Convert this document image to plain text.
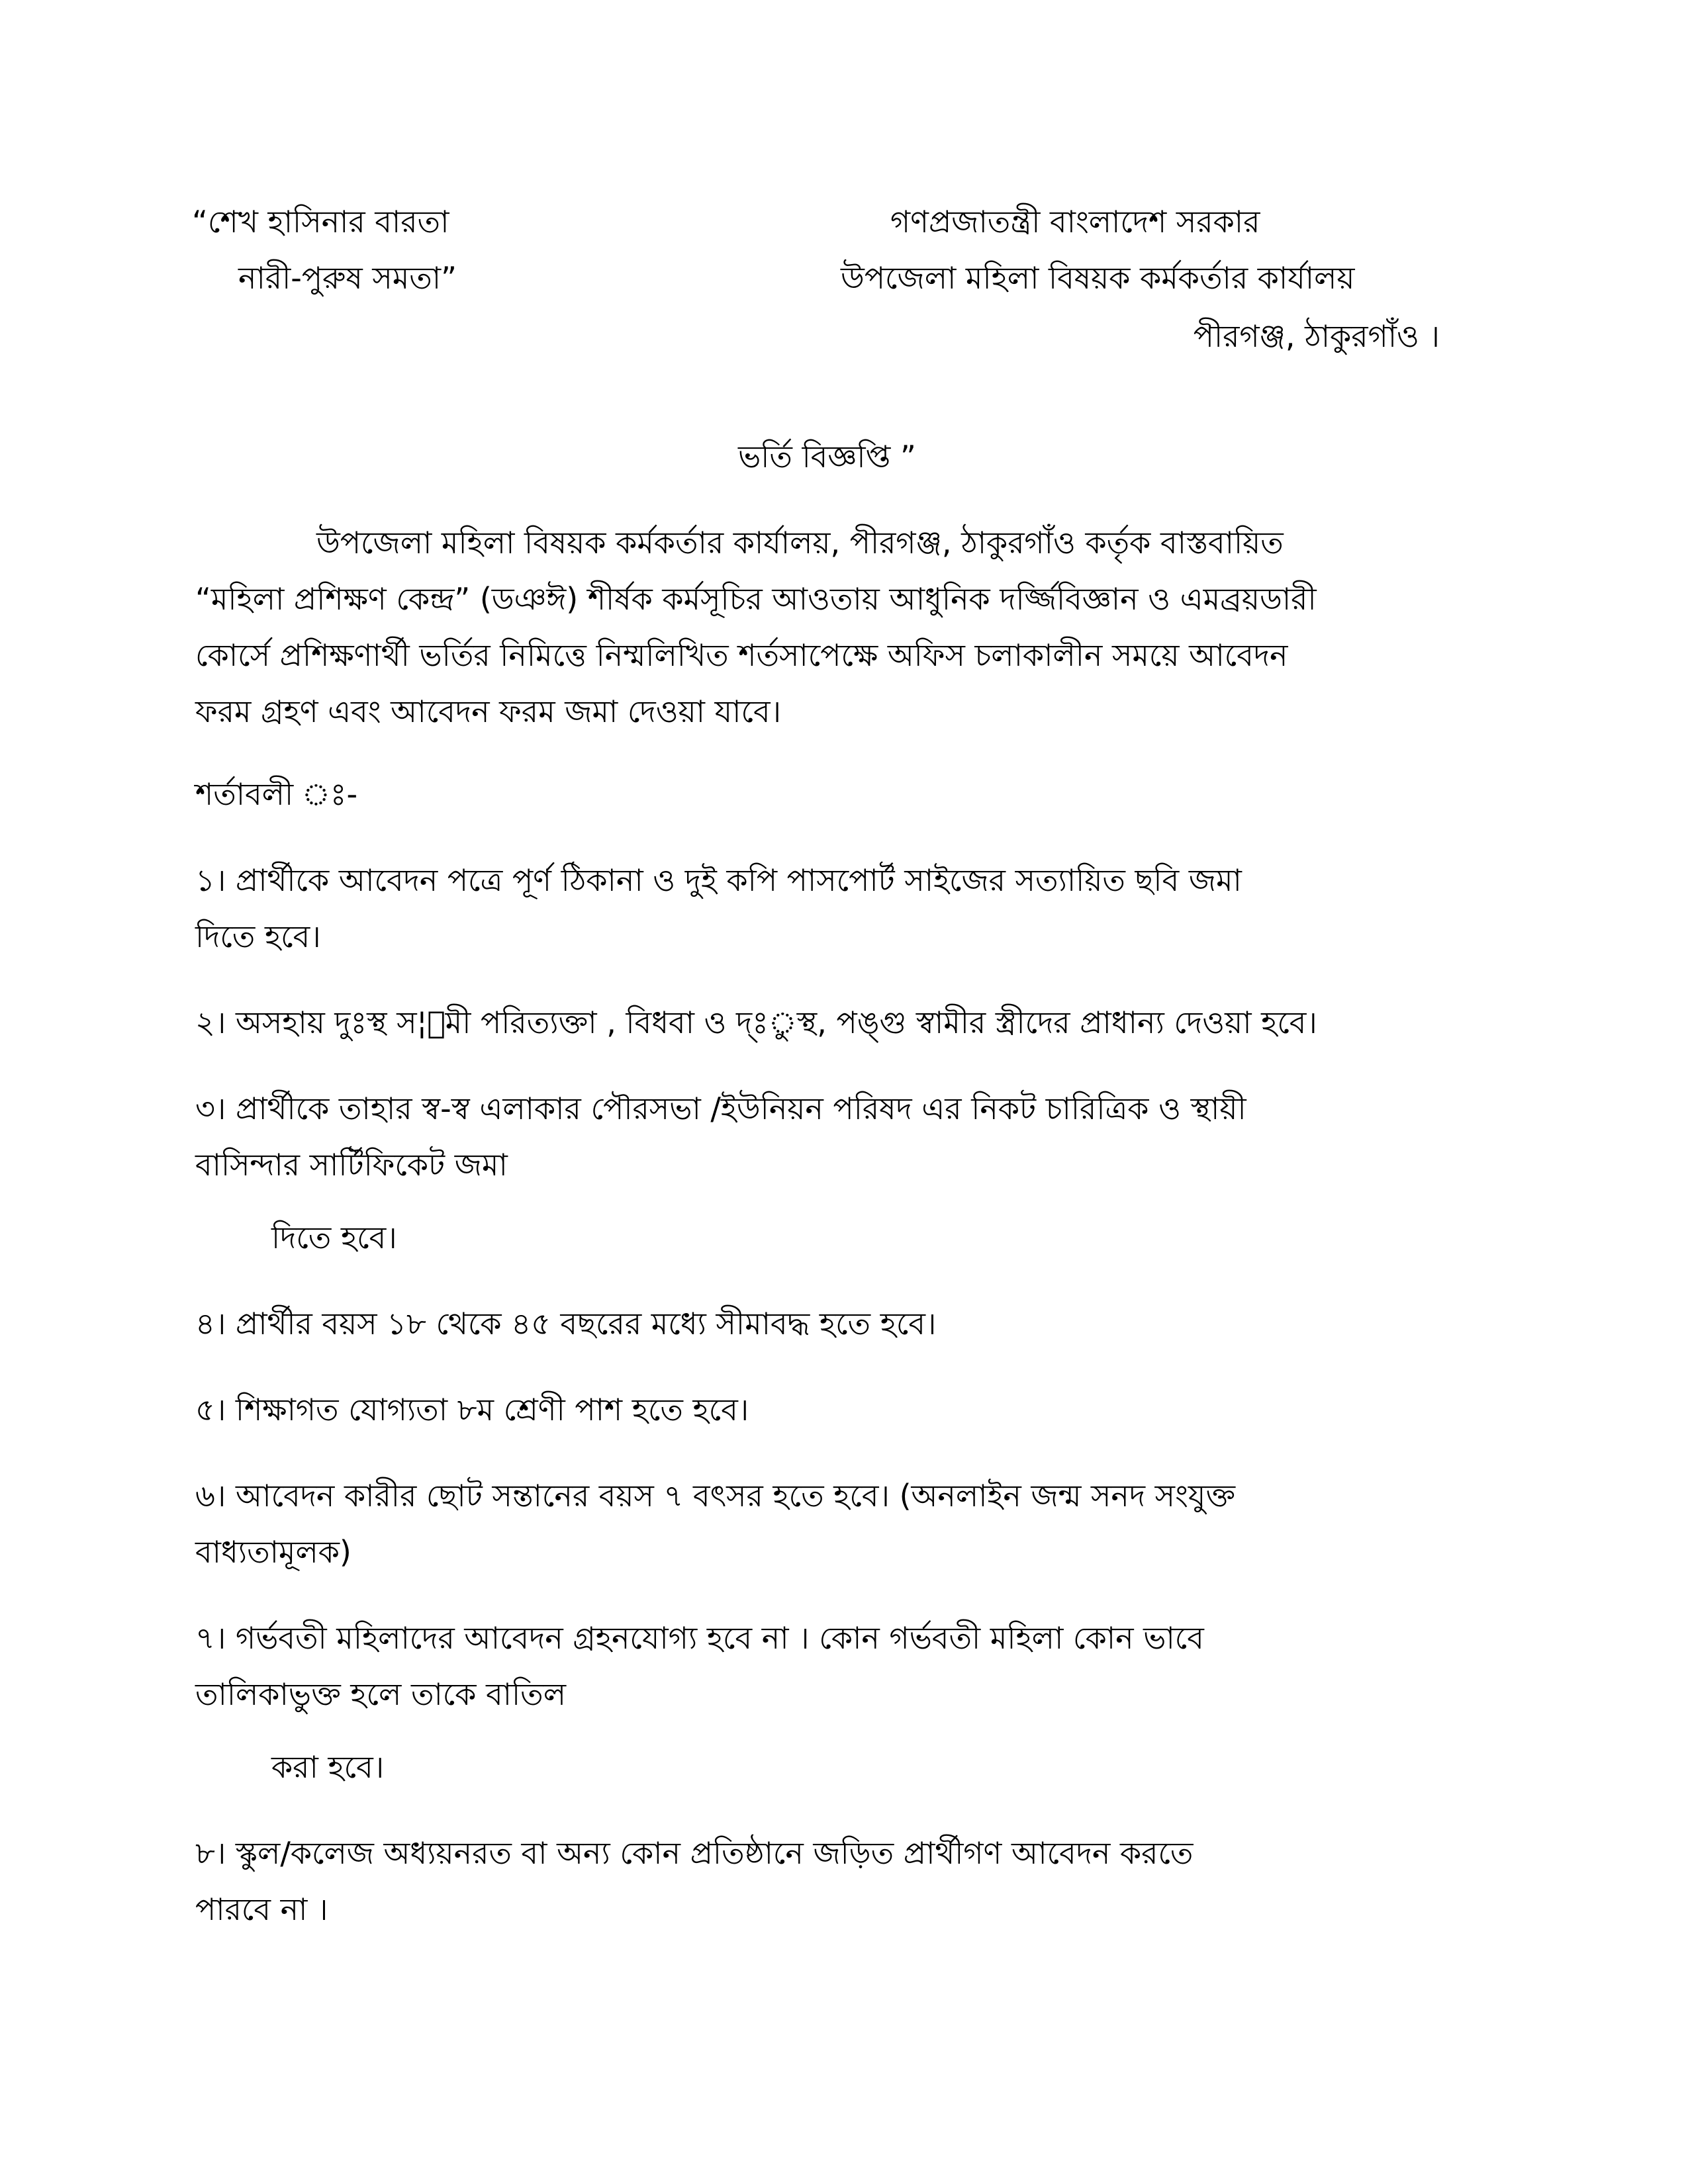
“শেখ হাসিনার বারতা
নারী-পুরুষ সমতা”
গণপ্রজাতন্ত্রী বাংলাদেশ সরকার
উপজেলা মহিলা বিষয়ক কর্মকর্তার কার্যালয়
পীরগঞ্জ, ঠাকুরগাঁও ।
ভর্তি বিজ্ঞপ্তি ”
উপজেলা মহিলা বিষয়ক কর্মকর্তার কার্যালয়, পীরগঞ্জ, ঠাকুরগাঁও কর্তৃক বাস্তবায়িত
“মহিলা প্রশিক্ষণ কেন্দ্র” (ডঞঈ) শীর্ষক কর্মসূচির আওতায় আধুনিক দর্জ্জিবিজ্ঞান ও এমব্রয়ডারী
কোর্সে প্রশিক্ষণার্থী ভর্তির নিমিত্তে নিম্মলিখিত শর্তসাপেক্ষে অফিস চলাকালীন সময়ে আবেদন
ফরম গ্রহণ এবং আবেদন ফরম জমা দেওয়া যাবে।
শর্তাবলী ঃ-
১। প্রার্থীকে আবেদন পত্রে পূর্ণ ঠিকানা ও দুই কপি পাসপোর্ট সাইজের সত্যায়িত ছবি জমা
দিতে হবে।
২। অসহায় দুঃস্থ স¦ামী পরিত্যক্তা , বিধবা ও দ্ঃুস্থ, পঙ্গু স্বামীর স্ত্রীদের প্রাধান্য দেওয়া হবে।
৩। প্রার্থীকে তাহার স্ব-স্ব এলাকার পৌরসভা /ইউনিয়ন পরিষদ এর নিকট চারিত্রিক ও স্থায়ী
বাসিন্দার সার্টিফিকেট জমা
দিতে হবে।
৪। প্রার্থীর বয়স ১৮ থেকে ৪৫ বছরের মধ্যে সীমাবদ্ধ হতে হবে।
৫। শিক্ষাগত যোগ্যতা ৮ম শ্রেণী পাশ হতে হবে।
৬। আবেদন কারীর ছোট সন্তানের বয়স ৭ বৎসর হতে হবে। (অনলাইন জন্ম সনদ সংযুক্ত
বাধ্যতামূলক)
৭। গর্ভবতী মহিলাদের আবেদন গ্রহনযোগ্য হবে না । কোন গর্ভবতী মহিলা কোন ভাবে
তালিকাভুক্ত হলে তাকে বাতিল
করা হবে।
৮। স্কুল/কলেজ অধ্যয়নরত বা অন্য কোন প্রতিষ্ঠানে জড়িত প্রার্থীগণ আবেদন করতে
পারবে না ।
